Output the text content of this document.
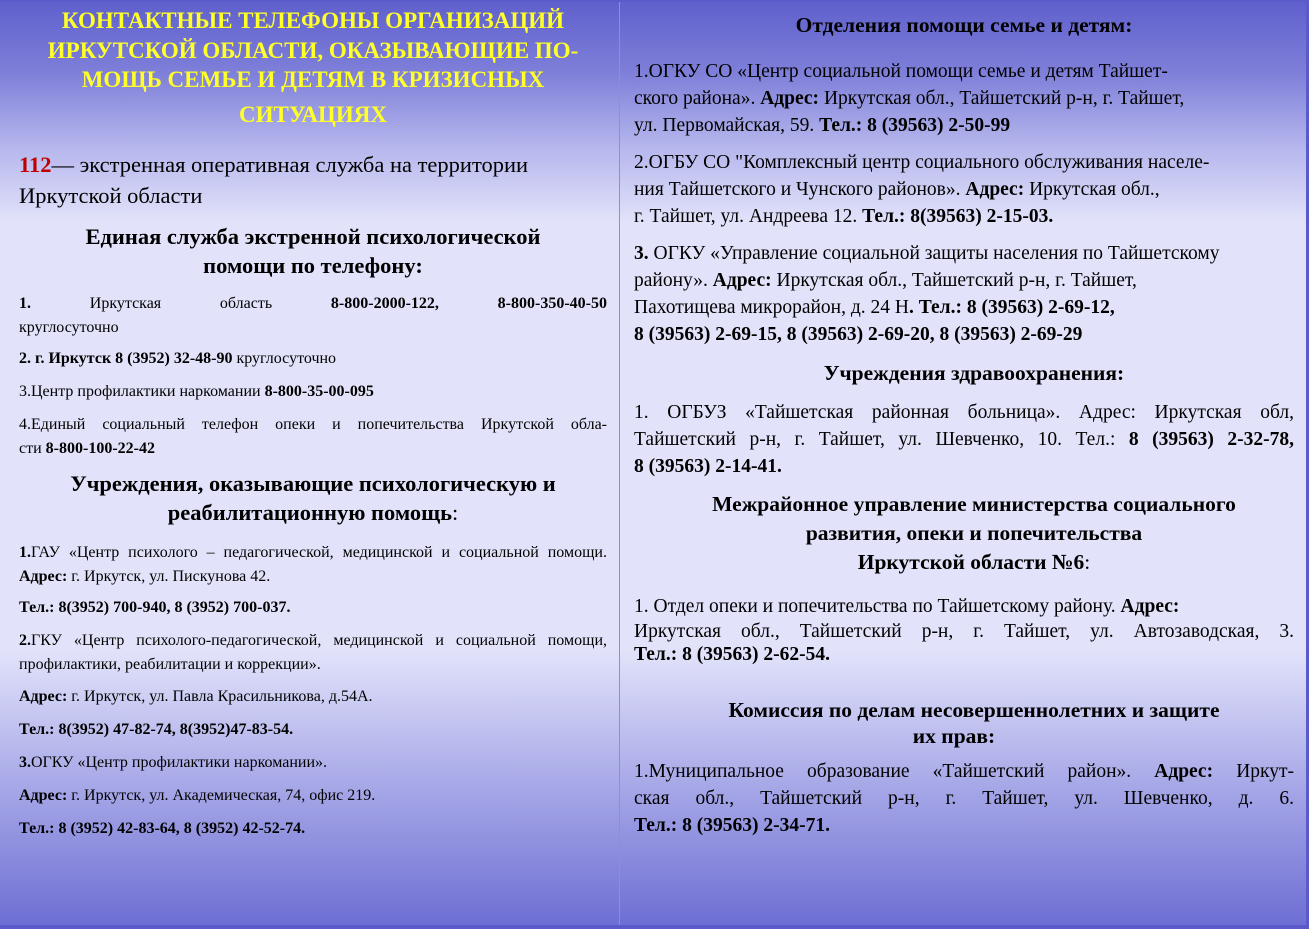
КОНТАКТНЫЕ ТЕЛЕФОНЫ ОРГАНИЗАЦИЙ
ИРКУТСКОЙ ОБЛАСТИ, ОКАЗЫВАЮЩИЕ ПО-
МОЩЬ СЕМЬЕ И ДЕТЯМ В КРИЗИСНЫХ
СИТУАЦИЯХ
112— экстренная оперативная служба на территории
Иркутской области
Единая служба экстренной психологической
помощи по телефону:
1. Иркутская область 8-800-2000-122, 8-800-350-40-50
круглосуточно
2. г. Иркутск 8 (3952) 32-48-90 круглосуточно
3.Центр профилактики наркомании 8-800-35-00-095
4.Единый социальный телефон опеки и попечительства Иркутской обла-
сти 8-800-100-22-42
Учреждения, оказывающие психологическую и
реабилитационную помощь:
1.ГАУ «Центр психолого – педагогической, медицинской и социальной помощи. Адрес: г. Иркутск, ул. Пискунова 42.
Тел.: 8(3952) 700-940, 8 (3952) 700-037.
2.ГКУ «Центр психолого-педагогической, медицинской и социальной помощи, профилактики, реабилитации и коррекции».
Адрес: г. Иркутск, ул. Павла Красильникова, д.54А.
Тел.: 8(3952) 47-82-74, 8(3952)47-83-54.
3.ОГКУ «Центр профилактики наркомании».
Адрес: г. Иркутск, ул. Академическая, 74, офис 219.
Тел.: 8 (3952) 42-83-64, 8 (3952) 42-52-74.
Отделения помощи семье и детям:
1.ОГКУ СО «Центр социальной помощи семье и детям Тайшет-
ского района». Адрес: Иркутская обл., Тайшетский р-н, г. Тайшет,
ул. Первомайская, 59. Тел.: 8 (39563) 2-50-99
2.ОГБУ СО "Комплексный центр социального обслуживания населе-
ния Тайшетского и Чунского районов». Адрес: Иркутская обл.,
г. Тайшет, ул. Андреева 12. Тел.: 8(39563) 2-15-03.
3. ОГКУ «Управление социальной защиты населения по Тайшетскому
району». Адрес: Иркутская обл., Тайшетский р-н, г. Тайшет,
Пахотищева микрорайон, д. 24 Н. Тел.: 8 (39563) 2-69-12,
8 (39563) 2-69-15, 8 (39563) 2-69-20, 8 (39563) 2-69-29
Учреждения здравоохранения:
1. ОГБУЗ «Тайшетская районная больница». Адрес: Иркутская обл,
Тайшетский р-н, г. Тайшет, ул. Шевченко, 10. Тел.: 8 (39563) 2-32-78,
8 (39563) 2-14-41.
Межрайонное управление министерства социального
развития, опеки и попечительства
Иркутской области №6:
1. Отдел опеки и попечительства по Тайшетскому району. Адрес:
Иркутская обл., Тайшетский р-н, г. Тайшет, ул. Автозаводская, 3.
Тел.: 8 (39563) 2-62-54.
Комиссия по делам несовершеннолетних и защите
их прав:
1.Муниципальное образование «Тайшетский район». Адрес: Иркут-
ская обл., Тайшетский р-н, г. Тайшет, ул. Шевченко, д. 6.
Тел.: 8 (39563) 2-34-71.
